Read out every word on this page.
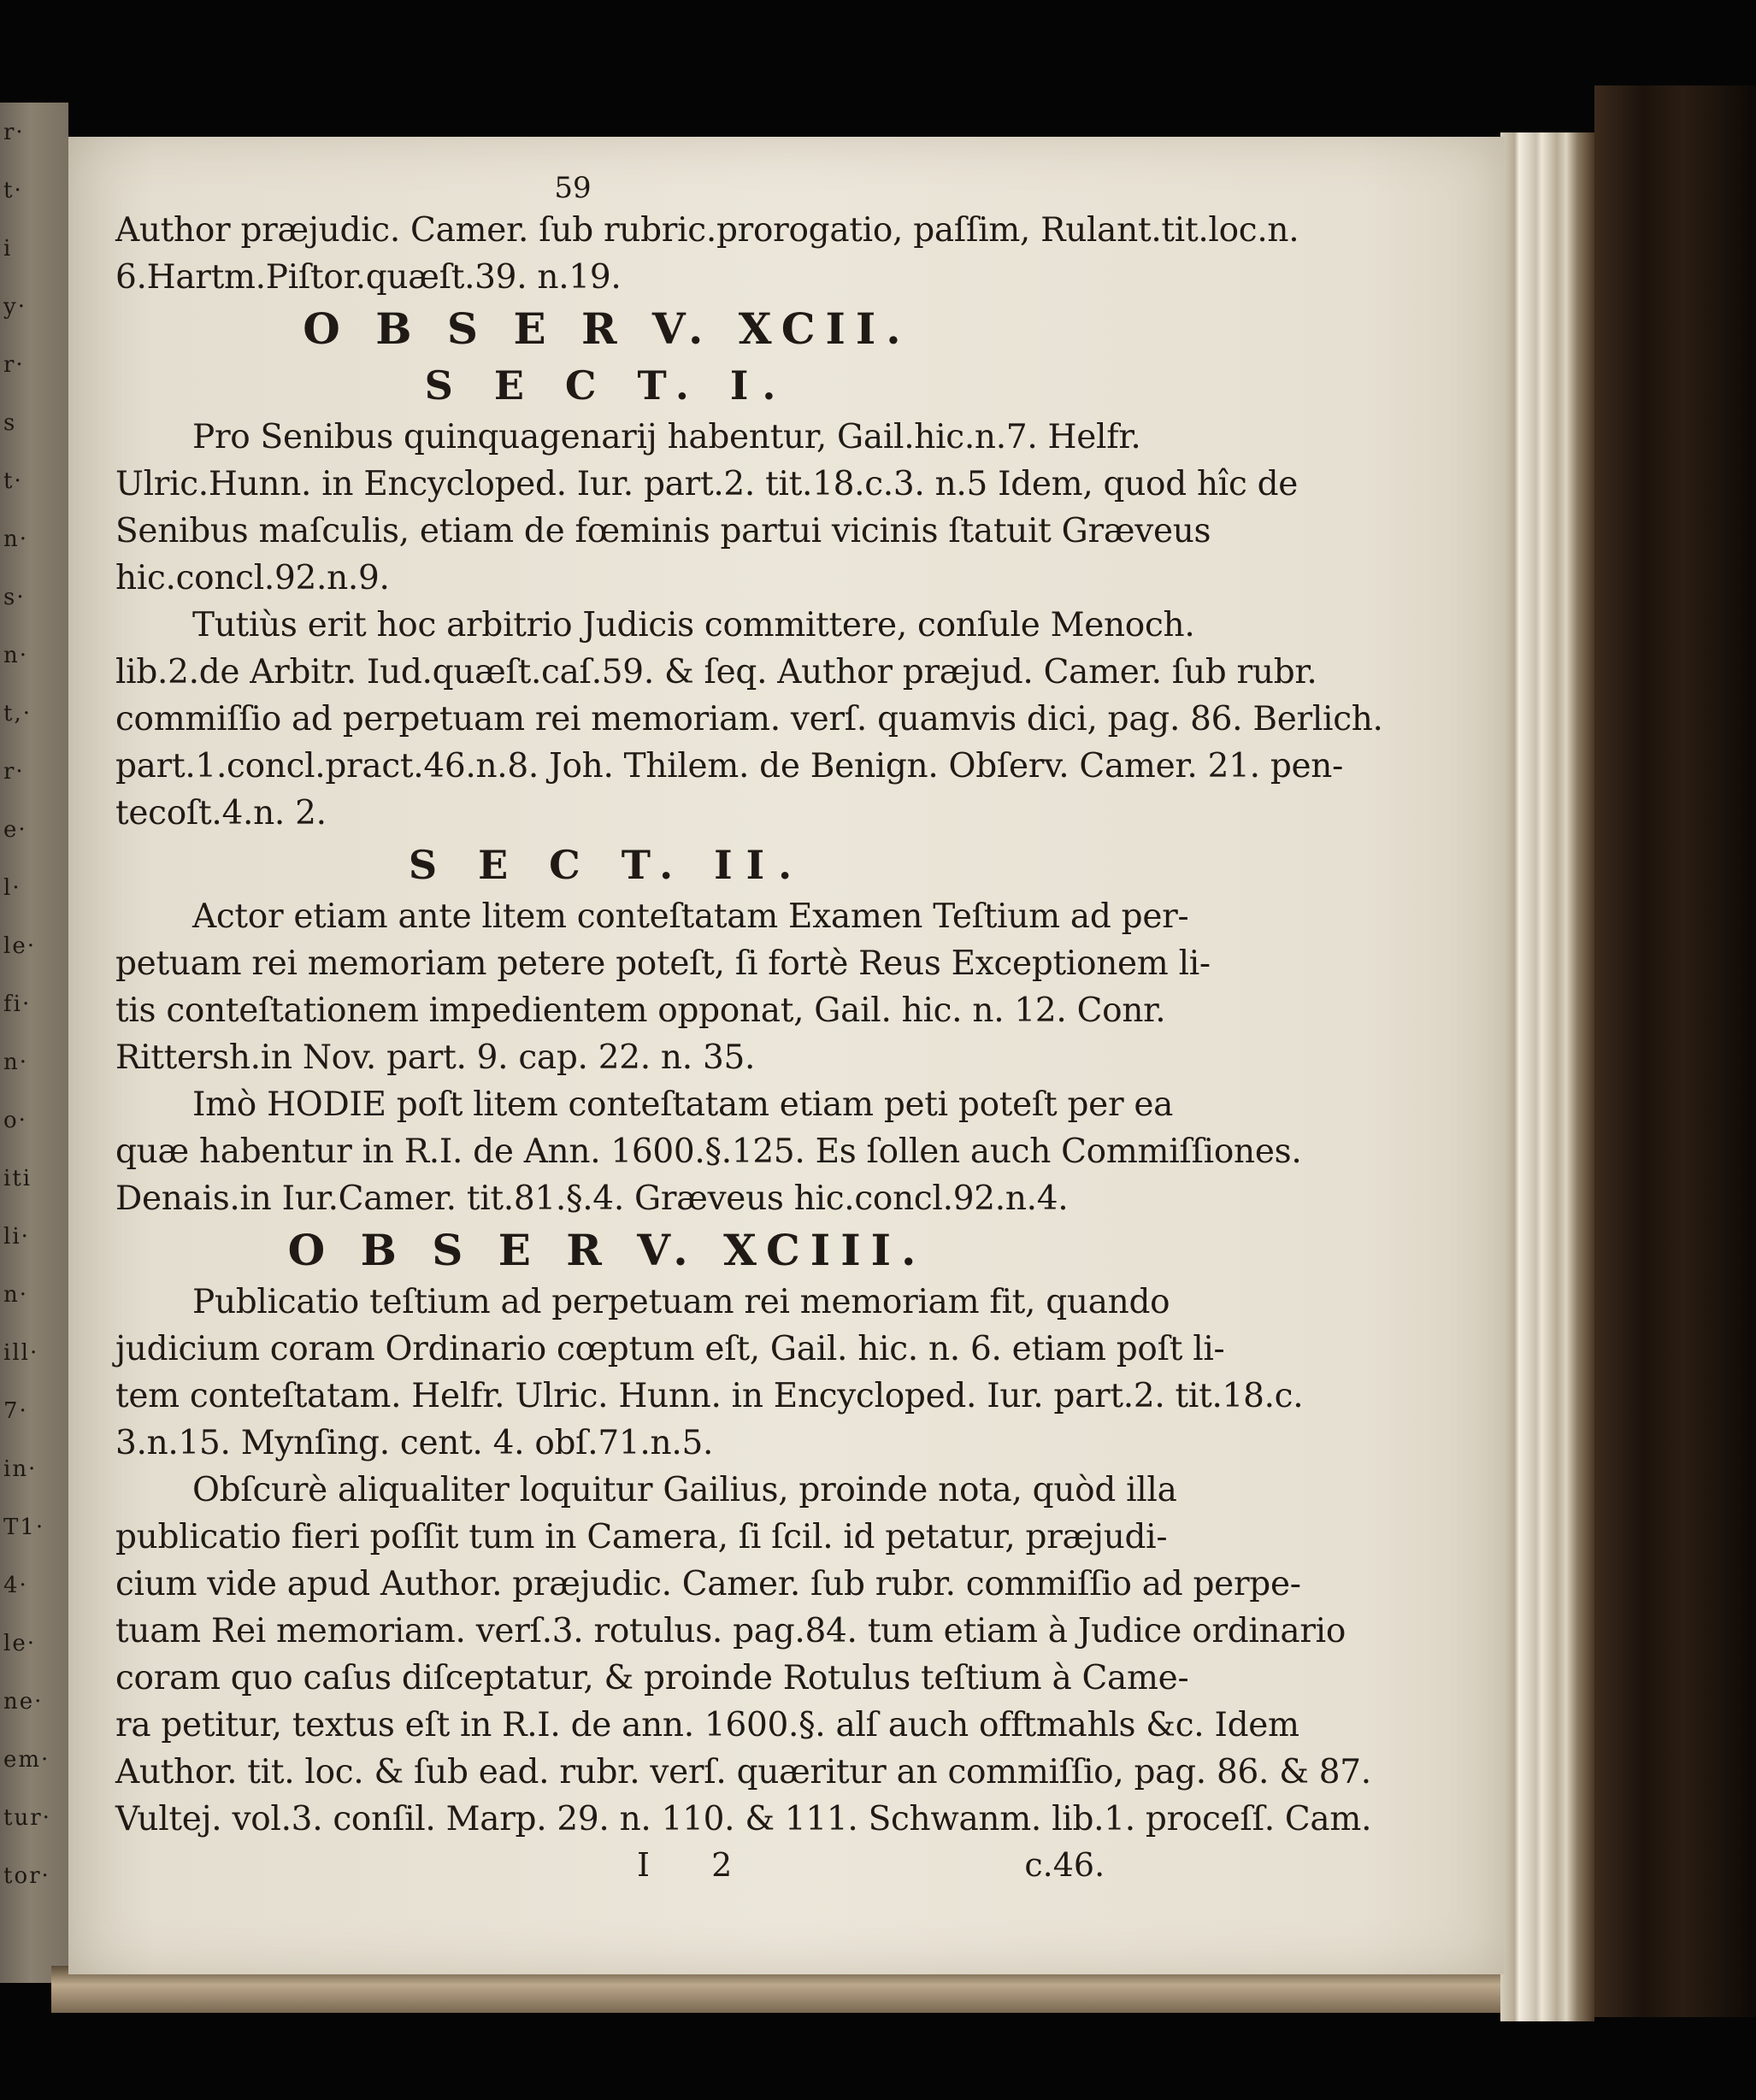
r·
t·
i
y·
r·
s
t·
n·
s·
n·
t,·
r·
e·
l·
le·
fi·
n·
o·
iti
li·
n·
ill·
7·
in·
T1·
4·
le·
ne·
em·
tur·
tor·
59
Author præjudic. Camer. ſub rubric.prorogatio, paſſim, Rulant.tit.loc.n.
6.Hartm.Piſtor.quæſt.39. n.19.
O B S E R V. XCII.
S E C T. I.
Pro Senibus quinquagenarij habentur, Gail.hic.n.7. Helfr.
Ulric.Hunn. in Encycloped. Iur. part.2. tit.18.c.3. n.5 Idem, quod hîc de
Senibus maſculis, etiam de fœminis partui vicinis ſtatuit Græveus
hic.concl.92.n.9.
Tutiùs erit hoc arbitrio Judicis committere, conſule Menoch.
lib.2.de Arbitr. Iud.quæſt.caſ.59. & ſeq. Author præjud. Camer. ſub rubr.
commiſſio ad perpetuam rei memoriam. verſ. quamvis dici, pag. 86. Berlich.
part.1.concl.pract.46.n.8. Joh. Thilem. de Benign. Obſerv. Camer. 21. pen-
tecoſt.4.n. 2.
S E C T. II.
Actor etiam ante litem conteſtatam Examen Teſtium ad per-
petuam rei memoriam petere poteſt, ſi fortè Reus Exceptionem li-
tis conteſtationem impedientem opponat, Gail. hic. n. 12. Conr.
Rittersh.in Nov. part. 9. cap. 22. n. 35.
Imò HODIE poſt litem conteſtatam etiam peti poteſt per ea
quæ habentur in R.I. de Ann. 1600.§.125. Es ſollen auch Commiſſiones.
Denais.in Iur.Camer. tit.81.§.4. Græveus hic.concl.92.n.4.
O B S E R V. XCIII.
Publicatio teſtium ad perpetuam rei memoriam fit, quando
judicium coram Ordinario cœptum eſt, Gail. hic. n. 6. etiam poſt li-
tem conteſtatam. Helfr. Ulric. Hunn. in Encycloped. Iur. part.2. tit.18.c.
3.n.15. Mynſing. cent. 4. obſ.71.n.5.
Obſcurè aliqualiter loquitur Gailius, proinde nota, quòd illa
publicatio fieri poſſit tum in Camera, ſi ſcil. id petatur, præjudi-
cium vide apud Author. præjudic. Camer. ſub rubr. commiſſio ad perpe-
tuam Rei memoriam. verſ.3. rotulus. pag.84. tum etiam à Judice ordinario
coram quo caſus diſceptatur, & proinde Rotulus teſtium à Came-
ra petitur, textus eſt in R.I. de ann. 1600.§. alſ auch offtmahls &c. Idem
Author. tit. loc. & ſub ead. rubr. verſ. quæritur an commiſſio, pag. 86. & 87.
Vultej. vol.3. conſil. Marp. 29. n. 110. & 111. Schwanm. lib.1. proceſſ. Cam.
I 2	c.46.
